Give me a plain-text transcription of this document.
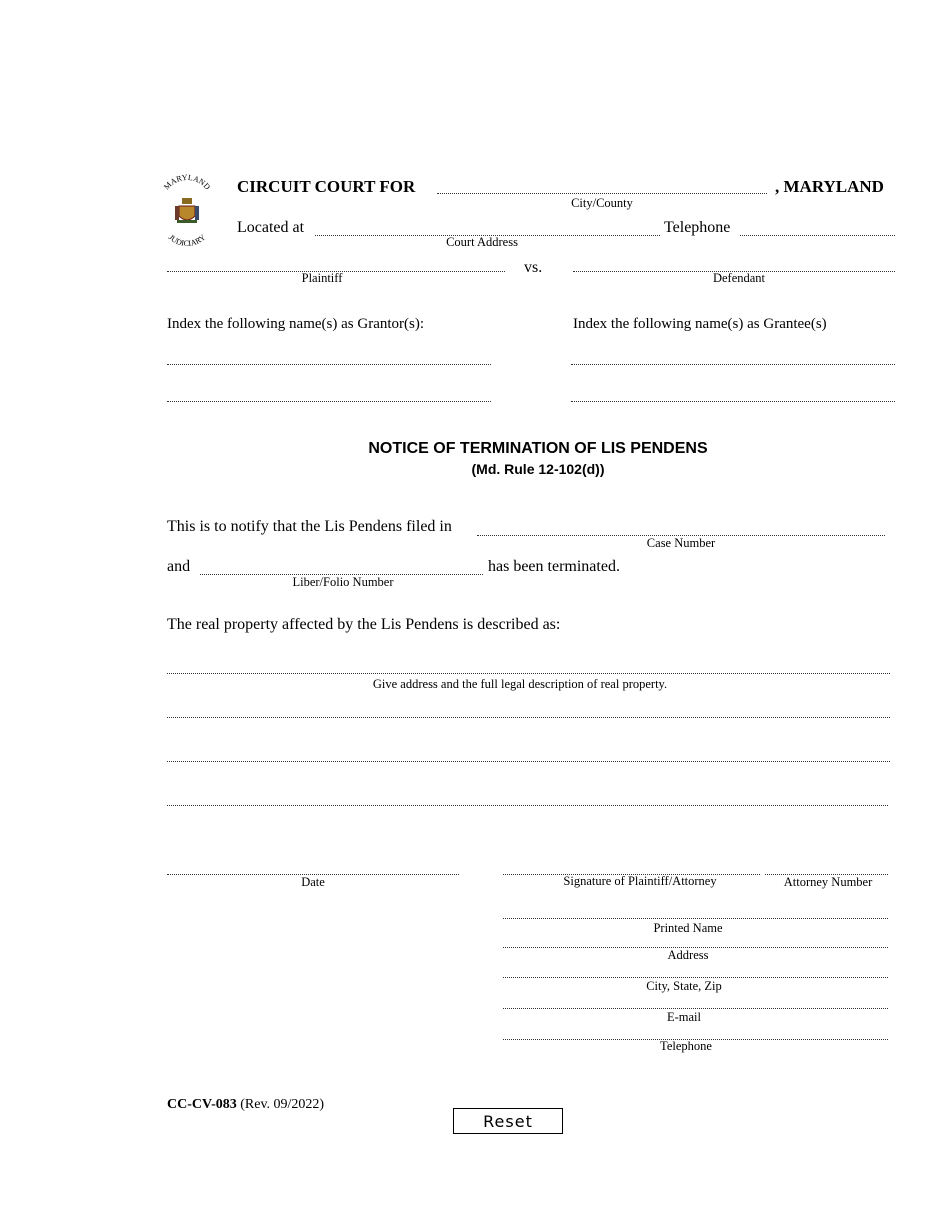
MARYLAND
JUDICIARY
CIRCUIT COURT FOR	, MARYLAND
City/County
Located at
Court Address
Telephone
Plaintiff
vs.
Defendant
Index the following name(s) as Grantor(s):	Index the following name(s) as Grantee(s)
NOTICE OF TERMINATION OF LIS PENDENS
(Md. Rule 12-102(d))
This is to notify that the Lis Pendens filed in
Case Number
and
Liber/Folio Number
has been terminated.
The real property affected by the Lis Pendens is described as:
Give address and the full legal description of real property.
Date	Signature of Plaintiff/Attorney	Attorney Number
Printed Name
Address
City, State, Zip
E-mail
Telephone
CC-CV-083 (Rev. 09/2022)
Reset
